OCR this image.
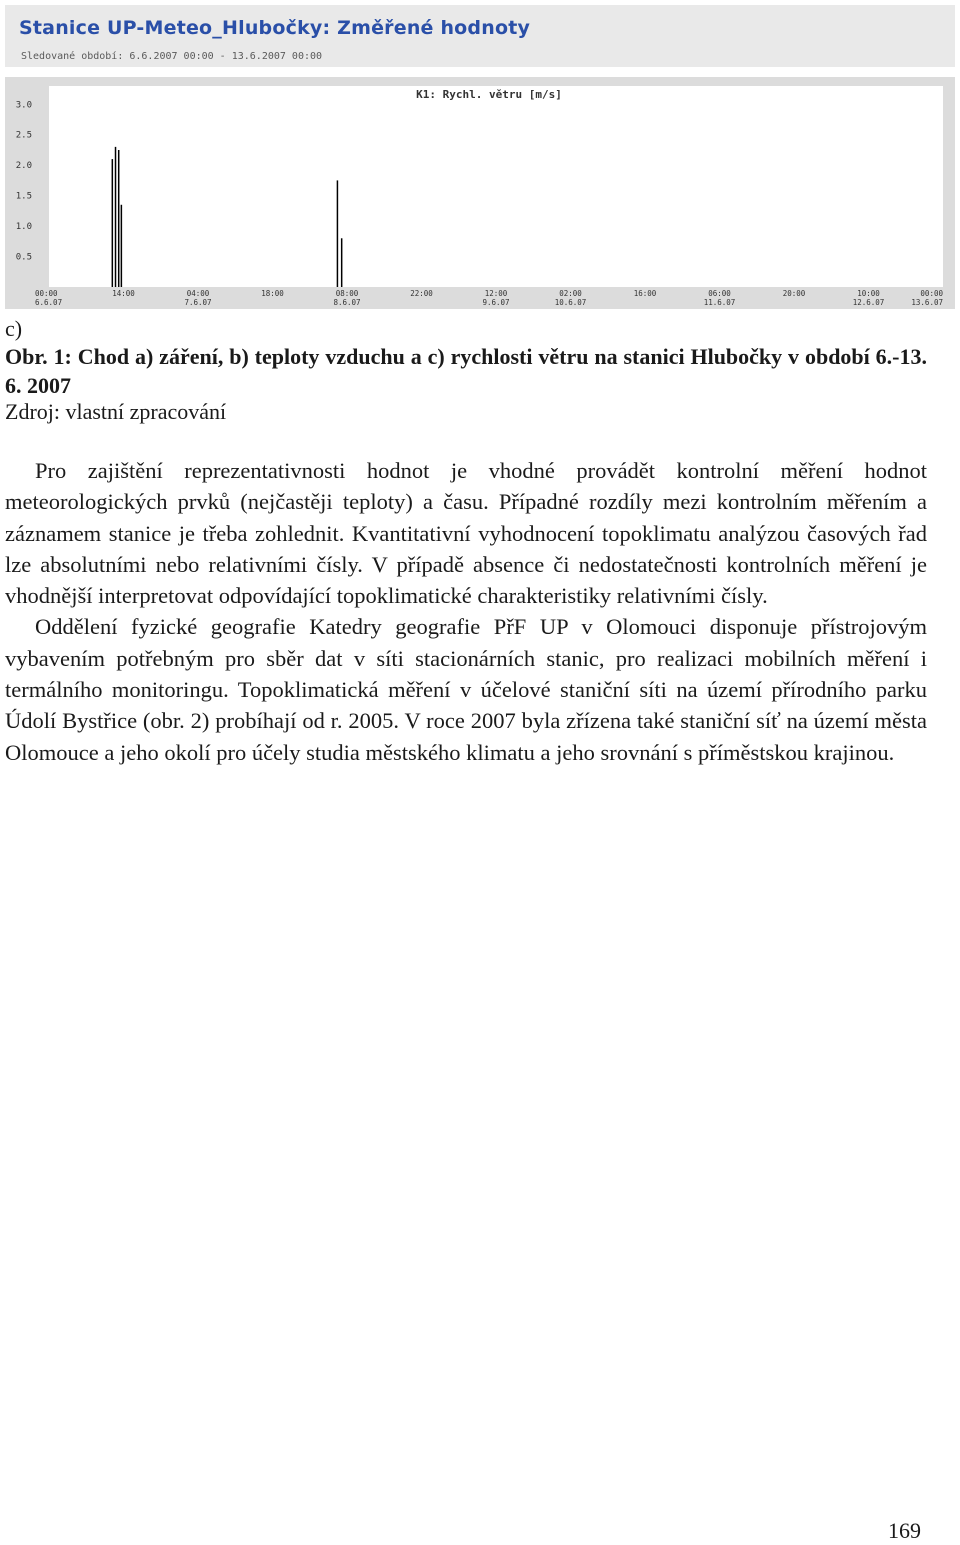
Stanice UP-Meteo_Hlubočky: Změřené hodnoty
Sledované období: 6.6.2007 00:00 - 13.6.2007 00:00
K1: Rychl. větru [m/s]
3.0
2.5
2.0
1.5
1.0
0.5
00:00
6.6.07
14:00	04:00
7.6.07
18:00	08:00
8.6.07
22:00	12:00
9.6.07
02:00
10.6.07
16:00	06:00
11.6.07
20:00	10:00
12.6.07
00:00
13.6.07
c)
Obr. 1: Chod a) záření, b) teploty vzduchu a c) rychlosti větru na stanici Hlubočky v období 6.-13. 6. 2007
Zdroj: vlastní zpracování

Pro zajištění reprezentativnosti hodnot je vhodné provádět kontrolní měření hodnot meteorologických prvků (nejčastěji teploty) a času. Případné rozdíly mezi kontrolním měřením a záznamem stanice je třeba zohlednit. Kvantitativní vyhodnocení topoklimatu analýzou časových řad lze absolutními nebo relativními čísly. V případě absence či nedostatečnosti kontrolních měření je vhodnější interpretovat odpovídající topoklimatické charakteristiky relativními čísly.

Oddělení fyzické geografie Katedry geografie PřF UP v Olomouci disponuje přístrojovým vybavením potřebným pro sběr dat v síti stacionárních stanic, pro realizaci mobilních měření i termálního monitoringu. Topoklimatická měření v účelové staniční síti na území přírodního parku Údolí Bystřice (obr. 2) probíhají od r. 2005. V roce 2007 byla zřízena také staniční síť na území města Olomouce a jeho okolí pro účely studia městského klimatu a jeho srovnání s příměstskou krajinou.

169
